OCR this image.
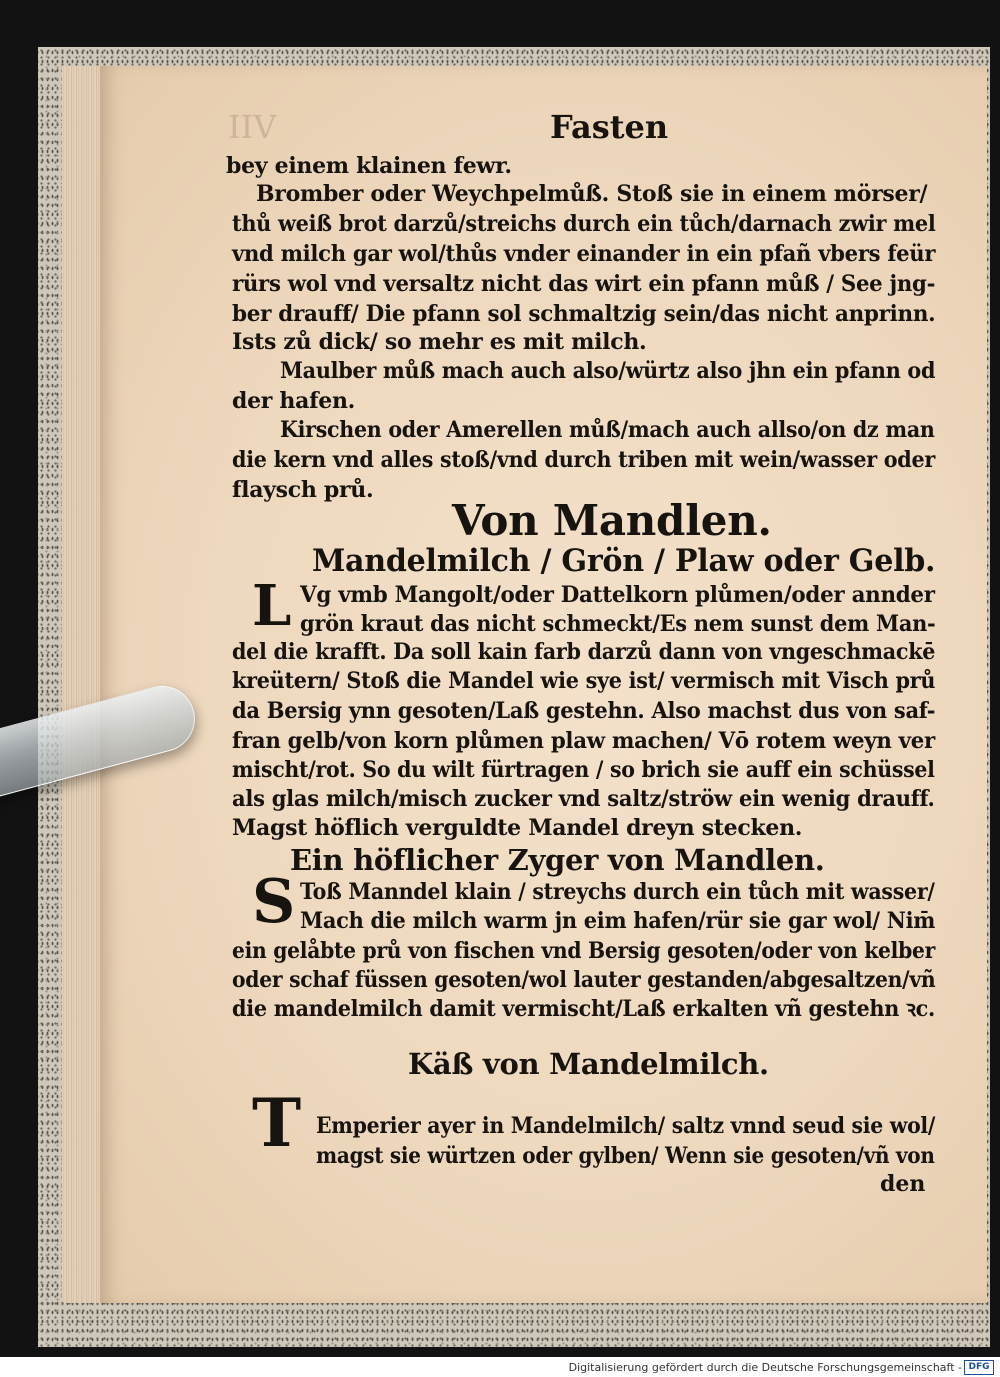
IIV	Fasten

bey einem klainen fewr.

Bromber oder Weychpelmůß. Stoß sie in einem mörser/

thů weiß brot darzů/streichs durch ein tůch/darnach zwir mel

vnd milch gar wol/thůs vnder einander in ein pfañ vbers feür

rürs wol vnd versaltz nicht das wirt ein pfann můß / See jng-

ber drauff/ Die pfann sol schmaltzig sein/das nicht anprinn.

Ists zů dick/ so mehr es mit milch.

Maulber můß mach auch also/würtz also jhn ein pfann od

der hafen.

Kirschen oder Amerellen můß/mach auch allso/on dz man

die kern vnd alles stoß/vnd durch triben mit wein/wasser oder

flaysch prů.

Von Mandlen.

Mandelmilch / Grön / Plaw oder Gelb.

L Vg vmb Mangolt/oder Dattelkorn plůmen/oder annder

grön kraut das nicht schmeckt/Es nem sunst dem Man-

del die krafft. Da soll kain farb darzů dann von vngeschmackē

kreütern/ Stoß die Mandel wie sye ist/ vermisch mit Visch prů

da Bersig ynn gesoten/Laß gestehn. Also machst dus von saf-

fran gelb/von korn plůmen plaw machen/ Vō rotem weyn ver

mischt/rot. So du wilt fürtragen / so brich sie auff ein schüssel

als glas milch/misch zucker vnd saltz/ströw ein wenig drauff.

Magst höflich verguldte Mandel dreyn stecken.

Ein höflicher Zyger von Mandlen.

S Toß Manndel klain / streychs durch ein tůch mit wasser/

Mach die milch warm jn eim hafen/rür sie gar wol/ Nim̄

ein gelåbte prů von fischen vnd Bersig gesoten/oder von kelber

oder schaf füssen gesoten/wol lauter gestanden/abgesaltzen/vñ

die mandelmilch damit vermischt/Laß erkalten vñ gestehn ꝛc.

Käß von Mandelmilch.

T Emperier ayer in Mandelmilch/ saltz vnnd seud sie wol/

magst sie würtzen oder gylben/ Wenn sie gesoten/vñ von

den
Digitalisierung gefördert durch die Deutsche Forschungsgemeinschaft - DFG
